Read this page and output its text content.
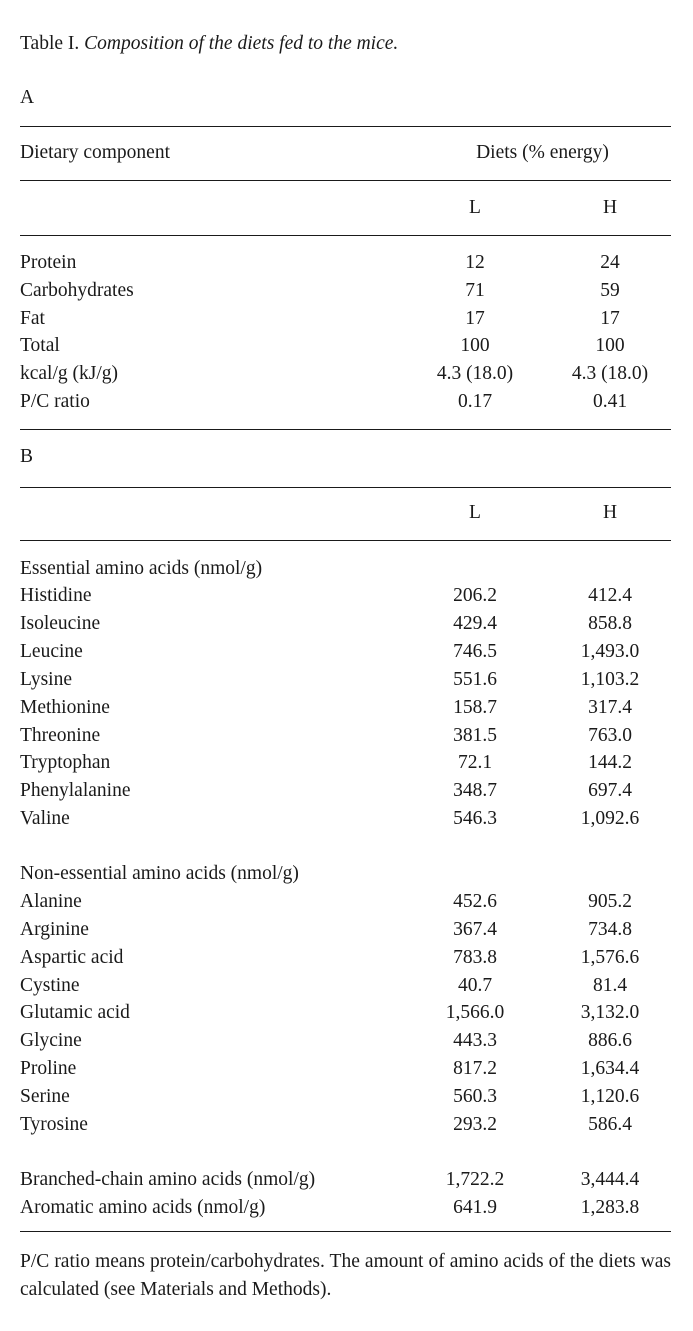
Table I. Composition of the diets fed to the mice.
A
Dietary component	Diets (% energy)
L	H
Protein	12	24
Carbohydrates	71	59
Fat	17	17
Total	100	100
kcal/g (kJ/g)	4.3 (18.0)	4.3 (18.0)
P/C ratio	0.17	0.41
B
L	H
Essential amino acids (nmol/g)
Histidine	206.2	412.4
Isoleucine	429.4	858.8
Leucine	746.5	1,493.0
Lysine	551.6	1,103.2
Methionine	158.7	317.4
Threonine	381.5	763.0
Tryptophan	72.1	144.2
Phenylalanine	348.7	697.4
Valine	546.3	1,092.6
Non-essential amino acids (nmol/g)
Alanine	452.6	905.2
Arginine	367.4	734.8
Aspartic acid	783.8	1,576.6
Cystine	40.7	81.4
Glutamic acid	1,566.0	3,132.0
Glycine	443.3	886.6
Proline	817.2	1,634.4
Serine	560.3	1,120.6
Tyrosine	293.2	586.4
Branched-chain amino acids (nmol/g)	1,722.2	3,444.4
Aromatic amino acids (nmol/g)	641.9	1,283.8
P/C ratio means protein/carbohydrates. The amount of amino acids of the diets was calculated (see Materials and Methods).
